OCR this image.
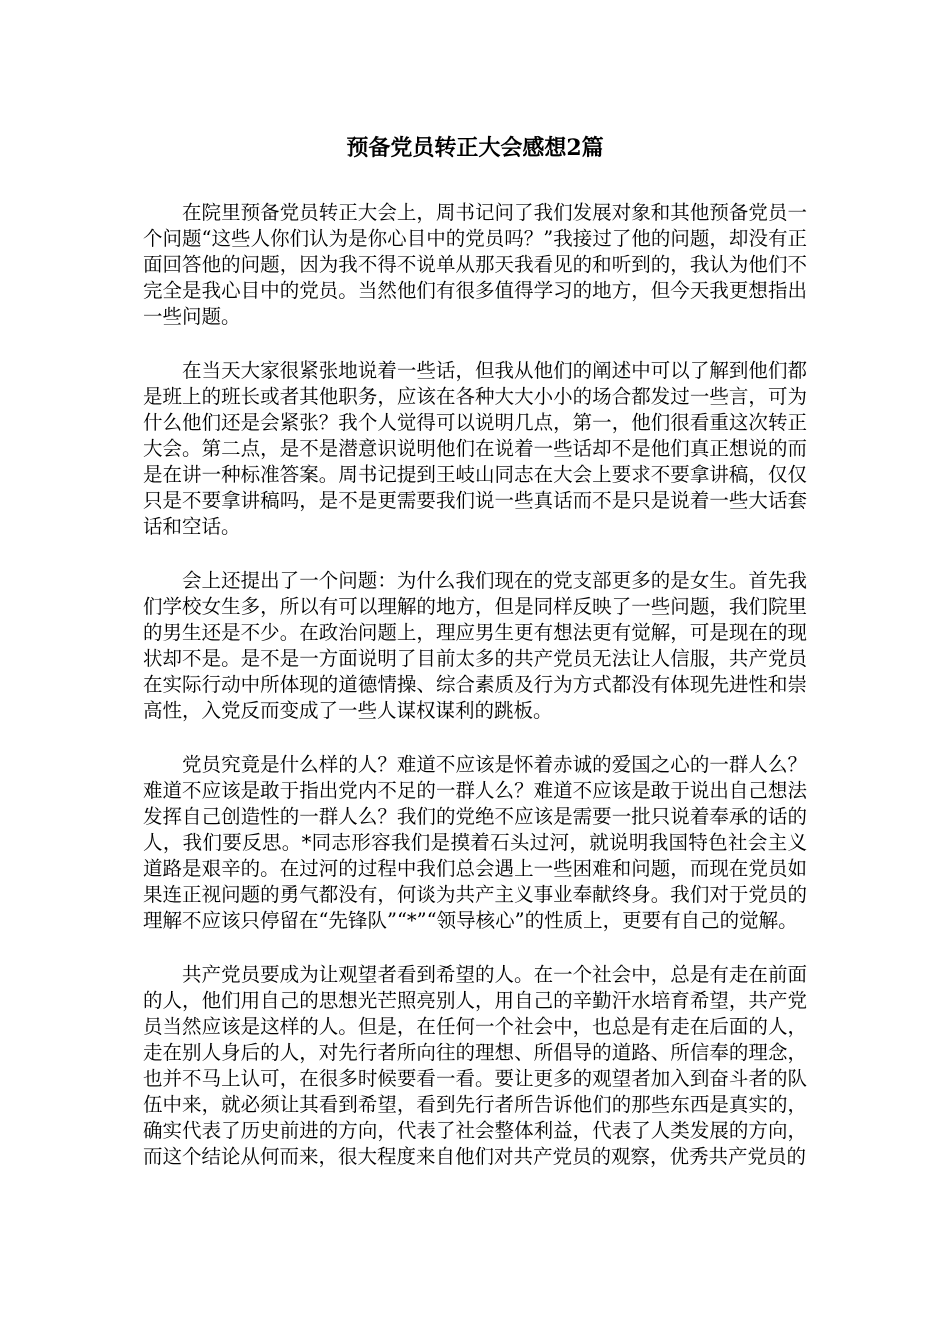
预备党员转正大会感想2篇

在院里预备党员转正大会上，周书记问了我们发展对象和其他预备党员一个问题“这些人你们认为是你心目中的党员吗？”我接过了他的问题，却没有正面回答他的问题，因为我不得不说单从那天我看见的和听到的，我认为他们不完全是我心目中的党员。当然他们有很多值得学习的地方，但今天我更想指出一些问题。

在当天大家很紧张地说着一些话，但我从他们的阐述中可以了解到他们都是班上的班长或者其他职务，应该在各种大大小小的场合都发过一些言，可为什么他们还是会紧张？我个人觉得可以说明几点，第一，他们很看重这次转正大会。第二点，是不是潜意识说明他们在说着一些话却不是他们真正想说的而是在讲一种标准答案。周书记提到王岐山同志在大会上要求不要拿讲稿，仅仅只是不要拿讲稿吗，是不是更需要我们说一些真话而不是只是说着一些大话套话和空话。

会上还提出了一个问题：为什么我们现在的党支部更多的是女生。首先我们学校女生多，所以有可以理解的地方，但是同样反映了一些问题，我们院里的男生还是不少。在政治问题上，理应男生更有想法更有觉解，可是现在的现状却不是。是不是一方面说明了目前太多的共产党员无法让人信服，共产党员在实际行动中所体现的道德情操、综合素质及行为方式都没有体现先进性和崇高性，入党反而变成了一些人谋权谋利的跳板。

党员究竟是什么样的人？难道不应该是怀着赤诚的爱国之心的一群人么？难道不应该是敢于指出党内不足的一群人么？难道不应该是敢于说出自己想法发挥自己创造性的一群人么？我们的党绝不应该是需要一批只说着奉承的话的人，我们要反思。*同志形容我们是摸着石头过河，就说明我国特色社会主义道路是艰辛的。在过河的过程中我们总会遇上一些困难和问题，而现在党员如果连正视问题的勇气都没有，何谈为共产主义事业奉献终身。我们对于党员的理解不应该只停留在“先锋队”“*”“领导核心”的性质上，更要有自己的觉解。

共产党员要成为让观望者看到希望的人。在一个社会中，总是有走在前面的人，他们用自己的思想光芒照亮别人，用自己的辛勤汗水培育希望，共产党员当然应该是这样的人。但是，在任何一个社会中，也总是有走在后面的人，走在别人身后的人，对先行者所向往的理想、所倡导的道路、所信奉的理念，也并不马上认可，在很多时候要看一看。要让更多的观望者加入到奋斗者的队伍中来，就必须让其看到希望，看到先行者所告诉他们的那些东西是真实的，确实代表了历史前进的方向，代表了社会整体利益，代表了人类发展的方向，而这个结论从何而来，很大程度来自他们对共产党员的观察，优秀共产党员的
